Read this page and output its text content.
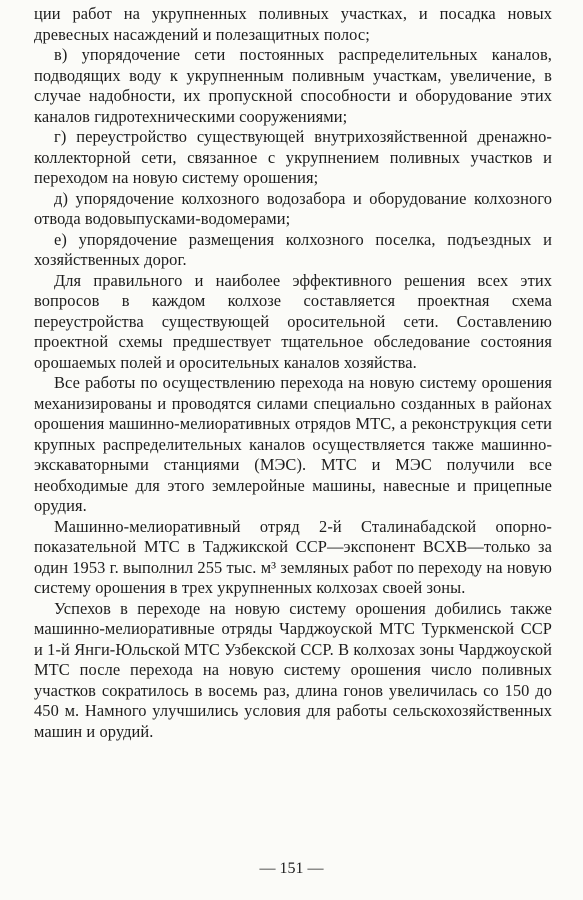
ции работ на укрупненных поливных участках, и посадка новых древесных насаждений и полезащитных полос;

в) упорядочение сети постоянных распределительных каналов, подводящих воду к укрупненным поливным участкам, увеличение, в случае надобности, их пропускной способности и оборудование этих каналов гидротехническими сооружениями;

г) переустройство существующей внутрихозяйственной дренажно-коллекторной сети, связанное с укрупнением поливных участков и переходом на новую систему орошения;

д) упорядочение колхозного водозабора и оборудование колхозного отвода водовыпусками-водомерами;

е) упорядочение размещения колхозного поселка, подъездных и хозяйственных дорог.

Для правильного и наиболее эффективного решения всех этих вопросов в каждом колхозе составляется проектная схема переустройства существующей оросительной сети. Составлению проектной схемы предшествует тщательное обследование состояния орошаемых полей и оросительных каналов хозяйства.

Все работы по осуществлению перехода на новую систему орошения механизированы и проводятся силами специально созданных в районах орошения машинно-мелиоративных отрядов МТС, а реконструкция сети крупных распределительных каналов осуществляется также машинно-экскаваторными станциями (МЭС). МТС и МЭС получили все необходимые для этого землеройные машины, навесные и прицепные орудия.

Машинно-мелиоративный отряд 2-й Сталинабадской опорно-показательной МТС в Таджикской ССР—экспонент ВСХВ—только за один 1953 г. выполнил 255 тыс. м³ земляных работ по переходу на новую систему орошения в трех укрупненных колхозах своей зоны.

Успехов в переходе на новую систему орошения добились также машинно-мелиоративные отряды Чарджоуской МТС Туркменской ССР и 1-й Янги-Юльской МТС Узбекской ССР. В колхозах зоны Чарджоуской МТС после перехода на новую систему орошения число поливных участков сократилось в восемь раз, длина гонов увеличилась со 150 до 450 м. Намного улучшились условия для работы сельскохозяйственных машин и орудий.

— 151 —
